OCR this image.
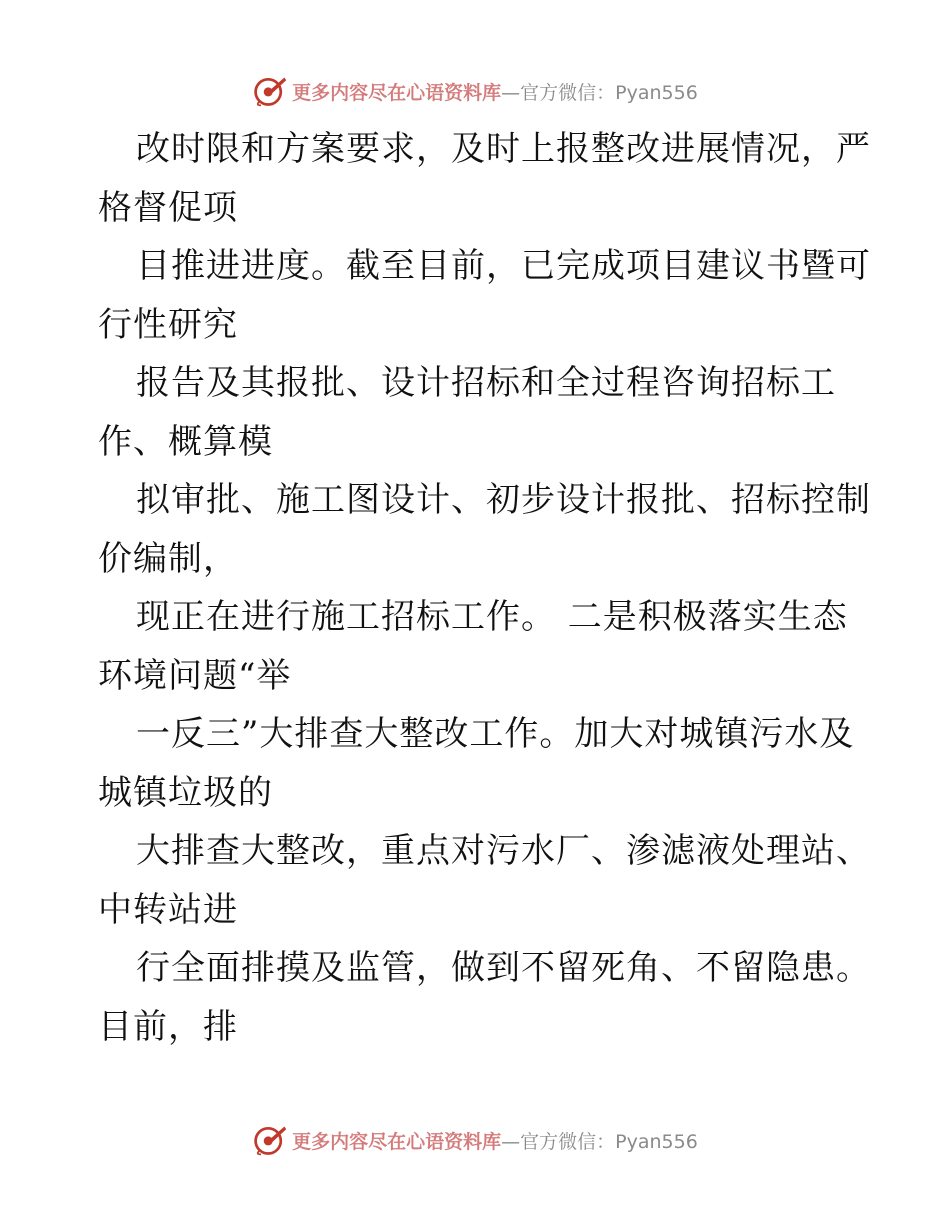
更多内容尽在心语资料库 —官方微信：Pyan556
改时限和方案要求，及时上报整改进展情况，严
格督促项
目推进进度。截至目前，已完成项目建议书暨可
行性研究
报告及其报批、设计招标和全过程咨询招标工
作、概算模
拟审批、施工图设计、初步设计报批、招标控制
价编制，
现正在进行施工招标工作。 二是积极落实生态
环境问题“举
一反三”大排查大整改工作。加大对城镇污水及
城镇垃圾的
大排查大整改，重点对污水厂、渗滤液处理站、
中转站进
行全面排摸及监管，做到不留死角、不留隐患。
目前，排
更多内容尽在心语资料库 —官方微信：Pyan556
